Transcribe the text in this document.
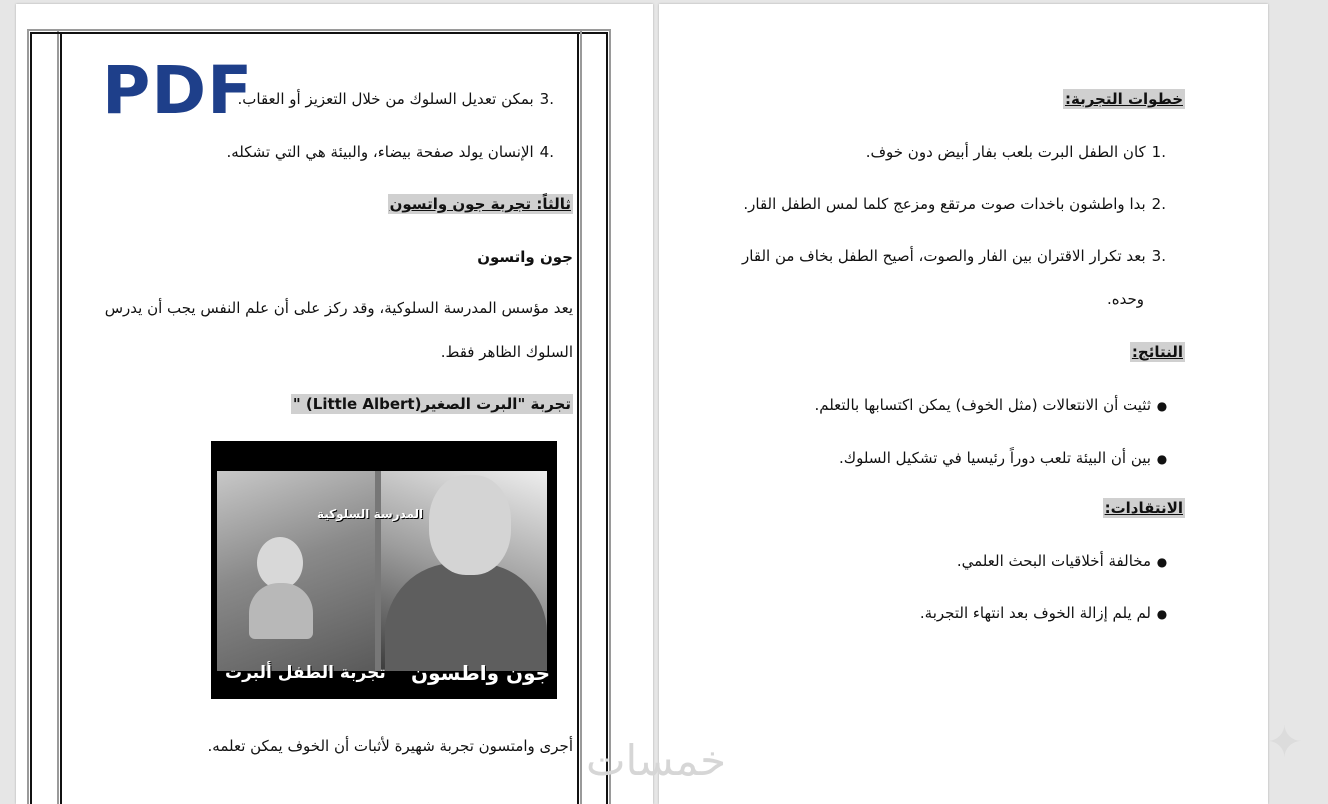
PDF	.3بمكن تعديل السلوك من خلال التعزيز أو العقاب.
.4الإنسان يولد صفحة بيضاء، والبيئة هي التي تشكله.
ثالثاً: تجربة جون واتسون
جون واتسون
يعد مؤسس المدرسة السلوكية، وقد ركز على أن علم النفس يجب أن يدرس
السلوك الظاهر فقط.
تجربة "البرت الصغير(Little Albert) "
المدرسة السلوكية
تجربة الطفل ألبرت جون واطسون
أجرى وامتسون تجربة شهيرة لأثبات أن الخوف يمكن تعلمه.
خطوات التجربة:
.1كان الطفل البرت بلعب بفار أبيض دون خوف.
.2بدا واطشون باخدات صوت مرتقع ومزعج كلما لمس الطفل القار.
.3بعد تكرار الاقتران بين الفار والصوت، أصيح الطفل بخاف من القار
وحده.
النتائج:
●ثثيت أن الانتعالات (مثل الخوف) يمكن اكتسابها بالتعلم.
●بين أن البيئة تلعب دوراً رئيسيا في تشكيل السلوك.
الانتقادات:
●مخالفة أخلاقيات البحث العلمي.
●لم يلم إزالة الخوف بعد انتهاء التجربة.
خمسات	✦
